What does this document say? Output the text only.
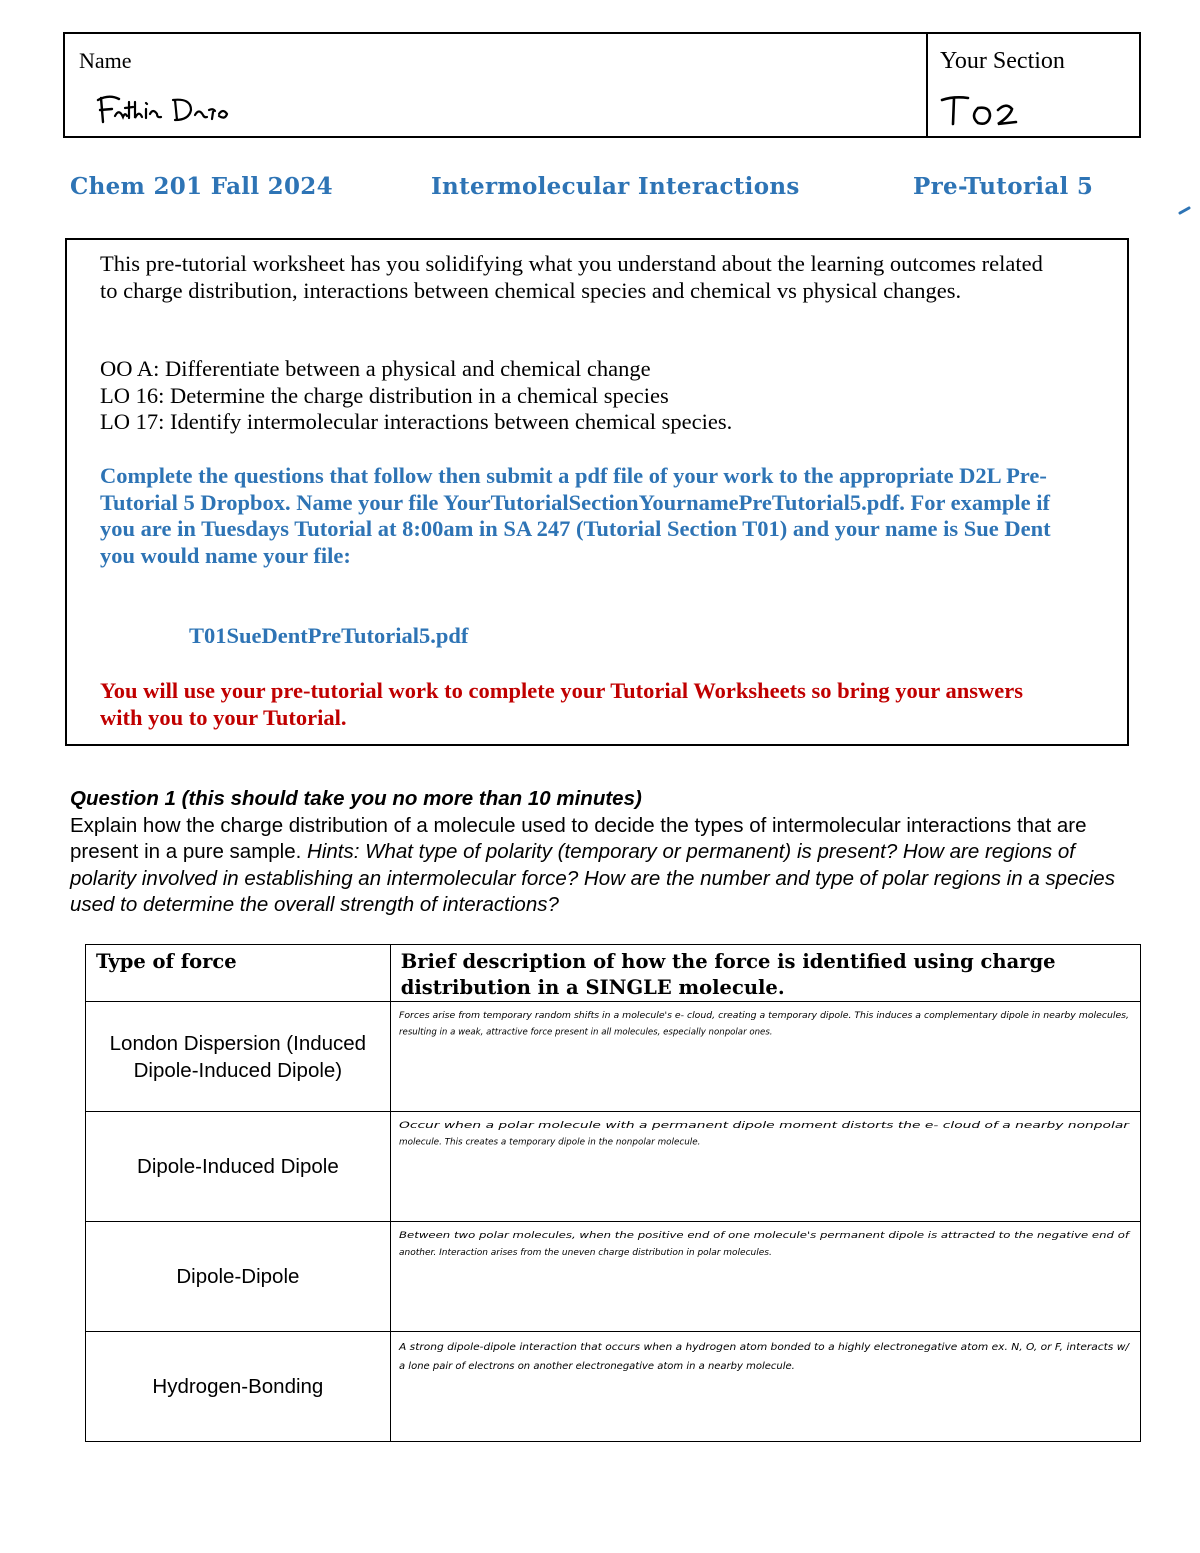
Name	Your Section
Chem 201 Fall 2024	Intermolecular Interactions	Pre-Tutorial 5

This pre-tutorial worksheet has you solidifying what you understand about the learning outcomes related to charge distribution, interactions between chemical species and chemical vs physical changes.

OO A: Differentiate between a physical and chemical change
LO 16: Determine the charge distribution in a chemical species
LO 17: Identify intermolecular interactions between chemical species.

Complete the questions that follow then submit a pdf file of your work to the appropriate D2L Pre-Tutorial 5 Dropbox. Name your file YourTutorialSectionYournamePreTutorial5.pdf. For example if you are in Tuesdays Tutorial at 8:00am in SA 247 (Tutorial Section T01) and your name is Sue Dent you would name your file:

T01SueDentPreTutorial5.pdf

You will use your pre-tutorial work to complete your Tutorial Worksheets so bring your answers with you to your Tutorial.

Question 1 (this should take you no more than 10 minutes)
Explain how the charge distribution of a molecule used to decide the types of intermolecular interactions that are present in a pure sample. Hints: What type of polarity (temporary or permanent) is present? How are regions of polarity involved in establishing an intermolecular force? How are the number and type of polar regions in a species used to determine the overall strength of interactions?
Type of force	Brief description of how the force is identified using charge distribution in a SINGLE molecule.
London Dispersion (Induced Dipole-Induced Dipole)	Forces arise from temporary random shifts in a molecule's e- cloud, creating a temporary dipole. This induces a complementary dipole in nearby molecules, resulting in a weak, attractive force present in all molecules, especially nonpolar ones.

Dipole-Induced Dipole	Occur when a polar molecule with a permanent dipole moment distorts the e- cloud of a nearby nonpolar molecule. This creates a temporary dipole in the nonpolar molecule.

Dipole-Dipole	Between two polar molecules, when the positive end of one molecule's permanent dipole is attracted to the negative end of another. Interaction arises from the uneven charge distribution in polar molecules.

Hydrogen-Bonding	A strong dipole-dipole interaction that occurs when a hydrogen atom bonded to a highly electronegative atom ex. N, O, or F, interacts w/ a lone pair of electrons on another electronegative atom in a nearby molecule.
